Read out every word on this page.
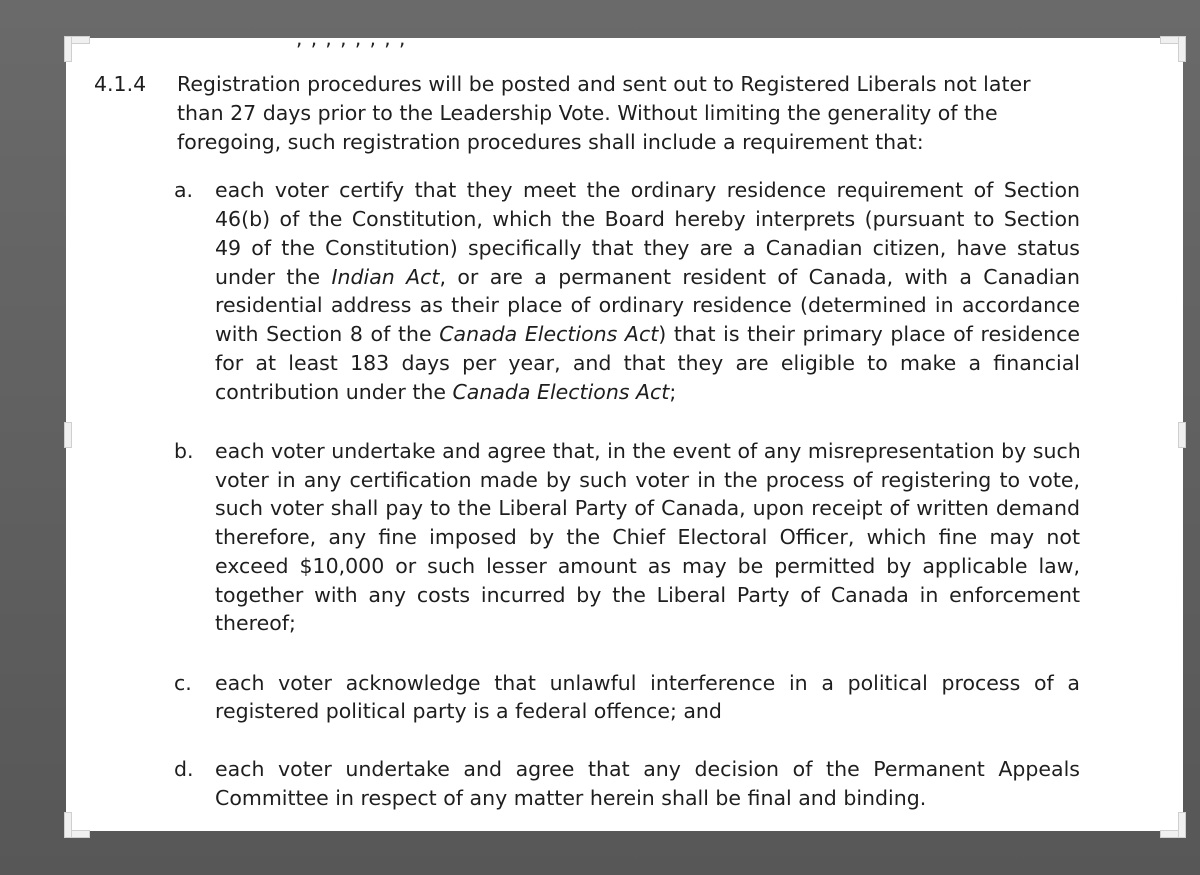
, , , , , , , ,
4.1.4 Registration procedures will be posted and sent out to Registered Liberals not later
than 27 days prior to the Leadership Vote. Without limiting the generality of the
foregoing, such registration procedures shall include a requirement that:
a. each voter certify that they meet the ordinary residence requirement of Section
46(b) of the Constitution, which the Board hereby interprets (pursuant to Section
49 of the Constitution) specifically that they are a Canadian citizen, have status
under the Indian Act, or are a permanent resident of Canada, with a Canadian
residential address as their place of ordinary residence (determined in accordance
with Section 8 of the Canada Elections Act) that is their primary place of residence
for at least 183 days per year, and that they are eligible to make a financial
contribution under the Canada Elections Act;
b. each voter undertake and agree that, in the event of any misrepresentation by such
voter in any certification made by such voter in the process of registering to vote,
such voter shall pay to the Liberal Party of Canada, upon receipt of written demand
therefore, any fine imposed by the Chief Electoral Officer, which fine may not
exceed $10,000 or such lesser amount as may be permitted by applicable law,
together with any costs incurred by the Liberal Party of Canada in enforcement
thereof;
c. each voter acknowledge that unlawful interference in a political process of a
registered political party is a federal offence; and
d. each voter undertake and agree that any decision of the Permanent Appeals
Committee in respect of any matter herein shall be final and binding.
